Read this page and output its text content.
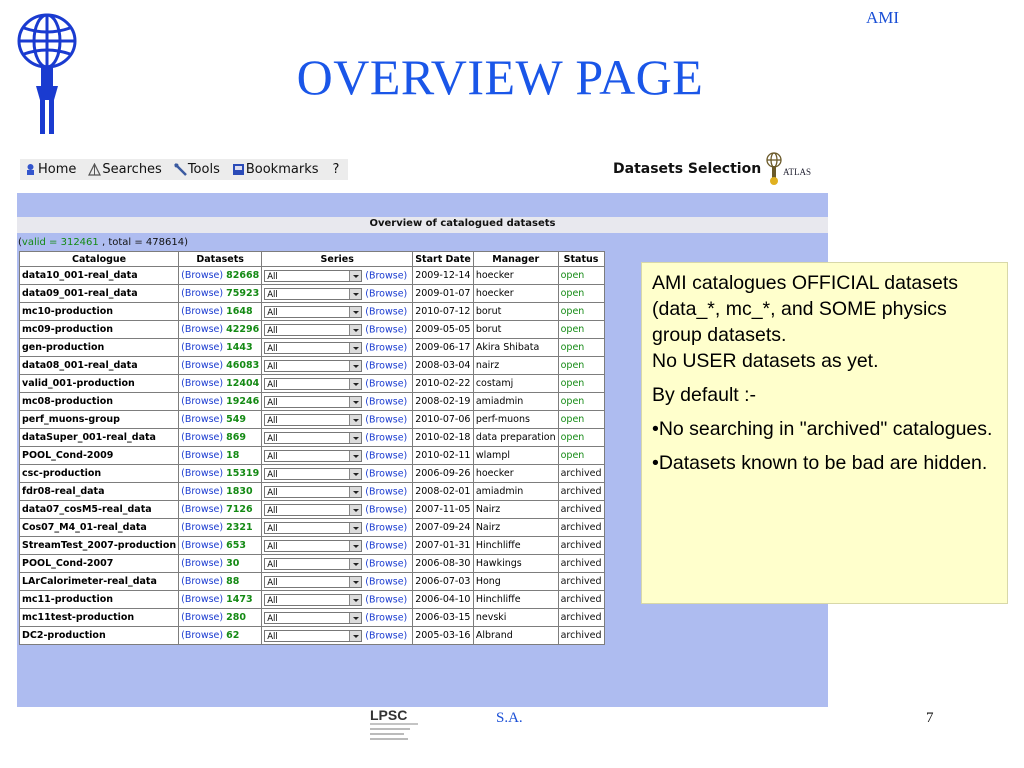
AMI
OVERVIEW PAGE
Home Searches Tools Bookmarks ?	Datasets Selection ATLAS
Overview of catalogued datasets
(valid = 312461 , total = 478614)
Catalogue	Datasets	Series	Start Date	Manager	Status
data10_001-real_data	(Browse) 82668	All (Browse)	2009-12-14	hoecker	open
data09_001-real_data	(Browse) 75923	All (Browse)	2009-01-07	hoecker	open
mc10-production	(Browse) 1648	All (Browse)	2010-07-12	borut	open
mc09-production	(Browse) 42296	All (Browse)	2009-05-05	borut	open
gen-production	(Browse) 1443	All (Browse)	2009-06-17	Akira Shibata	open
data08_001-real_data	(Browse) 46083	All (Browse)	2008-03-04	nairz	open
valid_001-production	(Browse) 12404	All (Browse)	2010-02-22	costamj	open
mc08-production	(Browse) 19246	All (Browse)	2008-02-19	amiadmin	open
perf_muons-group	(Browse) 549	All (Browse)	2010-07-06	perf-muons	open
dataSuper_001-real_data	(Browse) 869	All (Browse)	2010-02-18	data preparation	open
POOL_Cond-2009	(Browse) 18	All (Browse)	2010-02-11	wlampl	open
csc-production	(Browse) 15319	All (Browse)	2006-09-26	hoecker	archived
fdr08-real_data	(Browse) 1830	All (Browse)	2008-02-01	amiadmin	archived
data07_cosM5-real_data	(Browse) 7126	All (Browse)	2007-11-05	Nairz	archived
Cos07_M4_01-real_data	(Browse) 2321	All (Browse)	2007-09-24	Nairz	archived
StreamTest_2007-production	(Browse) 653	All (Browse)	2007-01-31	Hinchliffe	archived
POOL_Cond-2007	(Browse) 30	All (Browse)	2006-08-30	Hawkings	archived
LArCalorimeter-real_data	(Browse) 88	All (Browse)	2006-07-03	Hong	archived
mc11-production	(Browse) 1473	All (Browse)	2006-04-10	Hinchliffe	archived
mc11test-production	(Browse) 280	All (Browse)	2006-03-15	nevski	archived
DC2-production	(Browse) 62	All (Browse)	2005-03-16	Albrand	archived

AMI catalogues OFFICIAL datasets (data_*, mc_*, and SOME physics group datasets.
No USER datasets as yet.

By default :-

•No searching in "archived" catalogues.

•Datasets known to be bad are hidden.

LPSC	S.A.	7
